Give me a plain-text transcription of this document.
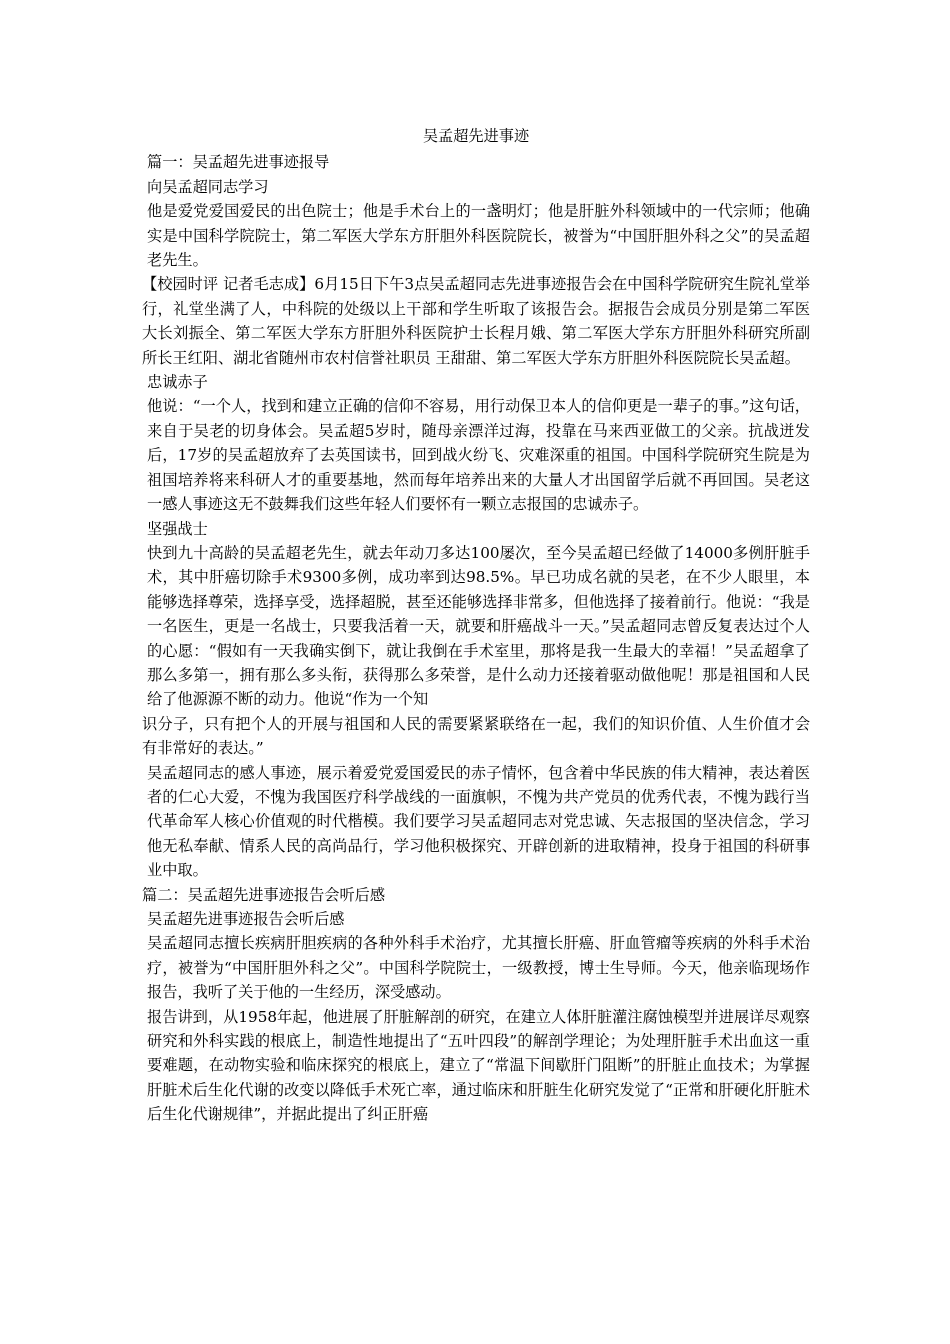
吴孟超先进事迹

篇一：吴孟超先进事迹报导

向吴孟超同志学习

他是爱党爱国爱民的出色院士；他是手术台上的一盏明灯；他是肝脏外科领域中的一代宗师；他确实是中国科学院院士，第二军医大学东方肝胆外科医院院长，被誉为“中国肝胆外科之父”的吴孟超老先生。

【校园时评 记者毛志成】6月15日下午3点吴孟超同志先进事迹报告会在中国科学院研究生院礼堂举行，礼堂坐满了人，中科院的处级以上干部和学生听取了该报告会。据报告会成员分别是第二军医大长刘振全、第二军医大学东方肝胆外科医院护士长程月娥、第二军医大学东方肝胆外科研究所副所长王红阳、湖北省随州市农村信誉社职员 王甜甜、第二军医大学东方肝胆外科医院院长吴孟超。

忠诚赤子

他说：“一个人，找到和建立正确的信仰不容易，用行动保卫本人的信仰更是一辈子的事。”这句话，来自于吴老的切身体会。吴孟超5岁时，随母亲漂洋过海，投靠在马来西亚做工的父亲。抗战迸发后，17岁的吴孟超放弃了去英国读书，回到战火纷飞、灾难深重的祖国。中国科学院研究生院是为祖国培养将来科研人才的重要基地，然而每年培养出来的大量人才出国留学后就不再回国。吴老这一感人事迹这无不鼓舞我们这些年轻人们要怀有一颗立志报国的忠诚赤子。

坚强战士

快到九十高龄的吴孟超老先生，就去年动刀多达100屡次，至今吴孟超已经做了14000多例肝脏手术，其中肝癌切除手术9300多例，成功率到达98.5%。早已功成名就的吴老，在不少人眼里，本能够选择尊荣，选择享受，选择超脱，甚至还能够选择非常多，但他选择了接着前行。他说：“我是一名医生，更是一名战士，只要我活着一天，就要和肝癌战斗一天。”吴孟超同志曾反复表达过个人的心愿：“假如有一天我确实倒下，就让我倒在手术室里，那将是我一生最大的幸福！”吴孟超拿了那么多第一，拥有那么多头衔，获得那么多荣誉，是什么动力还接着驱动做他呢！那是祖国和人民给了他源源不断的动力。他说“作为一个知

识分子，只有把个人的开展与祖国和人民的需要紧紧联络在一起，我们的知识价值、人生价值才会有非常好的表达。”

吴孟超同志的感人事迹，展示着爱党爱国爱民的赤子情怀，包含着中华民族的伟大精神，表达着医者的仁心大爱，不愧为我国医疗科学战线的一面旗帜，不愧为共产党员的优秀代表，不愧为践行当代革命军人核心价值观的时代楷模。我们要学习吴孟超同志对党忠诚、矢志报国的坚决信念，学习他无私奉献、情系人民的高尚品行，学习他积极探究、开辟创新的进取精神，投身于祖国的科研事业中取。

篇二：吴孟超先进事迹报告会听后感

吴孟超先进事迹报告会听后感

吴孟超同志擅长疾病肝胆疾病的各种外科手术治疗，尤其擅长肝癌、肝血管瘤等疾病的外科手术治疗，被誉为“中国肝胆外科之父”。中国科学院院士，一级教授，博士生导师。今天，他亲临现场作报告，我听了关于他的一生经历，深受感动。

报告讲到，从1958年起，他进展了肝脏解剖的研究，在建立人体肝脏灌注腐蚀模型并进展详尽观察研究和外科实践的根底上，制造性地提出了“五叶四段”的解剖学理论；为处理肝脏手术出血这一重要难题，在动物实验和临床探究的根底上，建立了“常温下间歇肝门阻断”的肝脏止血技术；为掌握肝脏术后生化代谢的改变以降低手术死亡率，通过临床和肝脏生化研究发觉了“正常和肝硬化肝脏术后生化代谢规律”，并据此提出了纠正肝癌
